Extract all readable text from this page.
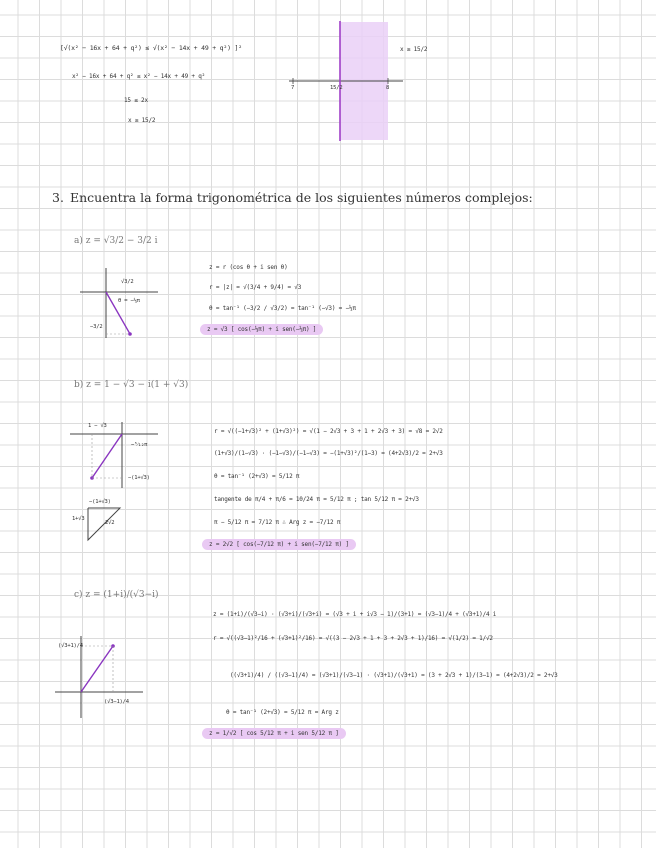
[√(x² − 16x + 64 + q²) ≤ √(x² − 14x + 49 + q²) ]²
x² − 16x + 64 + q² ≤ x² − 14x + 49 + q²
15 ≤ 2x
x ≥ 15/2
7	15/2	8
x ≥ 15/2
3. Encuentra la forma trigonométrica de los siguientes números complejos:
a) z = √3/2 − 3/2 i
√3/2
θ = −⅓π
−3/2
z = r (cos θ + i sen θ)
r = |z| = √(3/4 + 9/4) = √3
θ = tan⁻¹ (−3/2 / √3/2) = tan⁻¹ (−√3) = −⅓π
z = √3 [ cos(−⅓π) + i sen(−⅓π) ]
b) z = 1 − √3 − i(1 + √3)
1 − √3
−⁵⁄₁₂π
−(1+√3)
−(1+√3)
1+√3
2√2
r = √((−1+√3)² + (1+√3)²) = √(1 − 2√3 + 3 + 1 + 2√3 + 3) = √8 = 2√2
(1+√3)/(1−√3) · (−1−√3)/(−1−√3) = −(1+√3)²/(1−3) = (4+2√3)/2 = 2+√3
θ = tan⁻¹ (2+√3) = 5/12 π
tangente de π/4 + π/6 = 10/24 π = 5/12 π ; tan 5/12 π = 2+√3
π − 5/12 π = 7/12 π ∴ Arg z = −7/12 π
z = 2√2 [ cos(−7/12 π) + i sen(−7/12 π) ]
c) z = (1+i)/(√3−i)
(√3+1)/4
(√3−1)/4
z = (1+i)/(√3−i) · (√3+i)/(√3+i) = (√3 + i + i√3 − 1)/(3+1) = (√3−1)/4 + (√3+1)/4 i
r = √((√3−1)²/16 + (√3+1)²/16) = √((3 − 2√3 + 1 + 3 + 2√3 + 1)/16) = √(1/2) = 1/√2
((√3+1)/4) / ((√3−1)/4) = (√3+1)/(√3−1) · (√3+1)/(√3+1) = (3 + 2√3 + 1)/(3−1) = (4+2√3)/2 = 2+√3
θ = tan⁻¹ (2+√3) = 5/12 π = Arg z
z = 1/√2 [ cos 5/12 π + i sen 5/12 π ]
